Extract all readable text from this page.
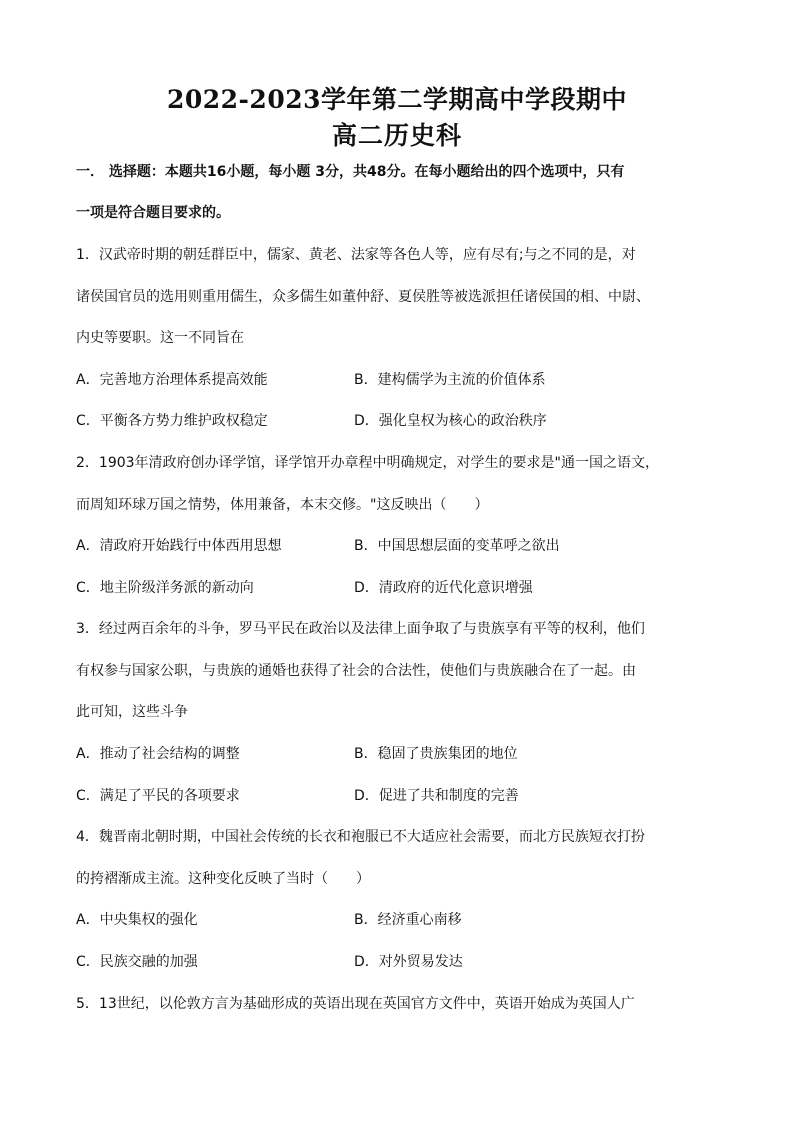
2022-2023学年第二学期高中学段期中
高二历史科
一． 选择题：本题共16小题，每小题 3分，共48分。在每小题给出的四个选项中，只有
一项是符合题目要求的。
1．汉武帝时期的朝廷群臣中，儒家、黄老、法家等各色人等，应有尽有;与之不同的是，对
诸侯国官员的选用则重用儒生，众多儒生如董仲舒、夏侯胜等被选派担任诸侯国的相、中尉、
内史等要职。这一不同旨在
A．完善地方治理体系提高效能	B．建构儒学为主流的价值体系
C．平衡各方势力维护政权稳定	D．强化皇权为核心的政治秩序
2．1903年清政府创办译学馆，译学馆开办章程中明确规定，对学生的要求是"通一国之语文，
而周知环球万国之情势，体用兼备，本末交修。"这反映出（　　）
A．清政府开始践行中体西用思想	B．中国思想层面的变革呼之欲出
C．地主阶级洋务派的新动向	D．清政府的近代化意识增强
3．经过两百余年的斗争，罗马平民在政治以及法律上面争取了与贵族享有平等的权利，他们
有权参与国家公职，与贵族的通婚也获得了社会的合法性，使他们与贵族融合在了一起。由
此可知，这些斗争
A．推动了社会结构的调整	B．稳固了贵族集团的地位
C．满足了平民的各项要求	D．促进了共和制度的完善
4．魏晋南北朝时期，中国社会传统的长衣和袍服已不大适应社会需要，而北方民族短衣打扮
的挎褶渐成主流。这种变化反映了当时（　　）
A．中央集权的强化	B．经济重心南移
C．民族交融的加强	D．对外贸易发达
5．13世纪，以伦敦方言为基础形成的英语出现在英国官方文件中，英语开始成为英国人广
